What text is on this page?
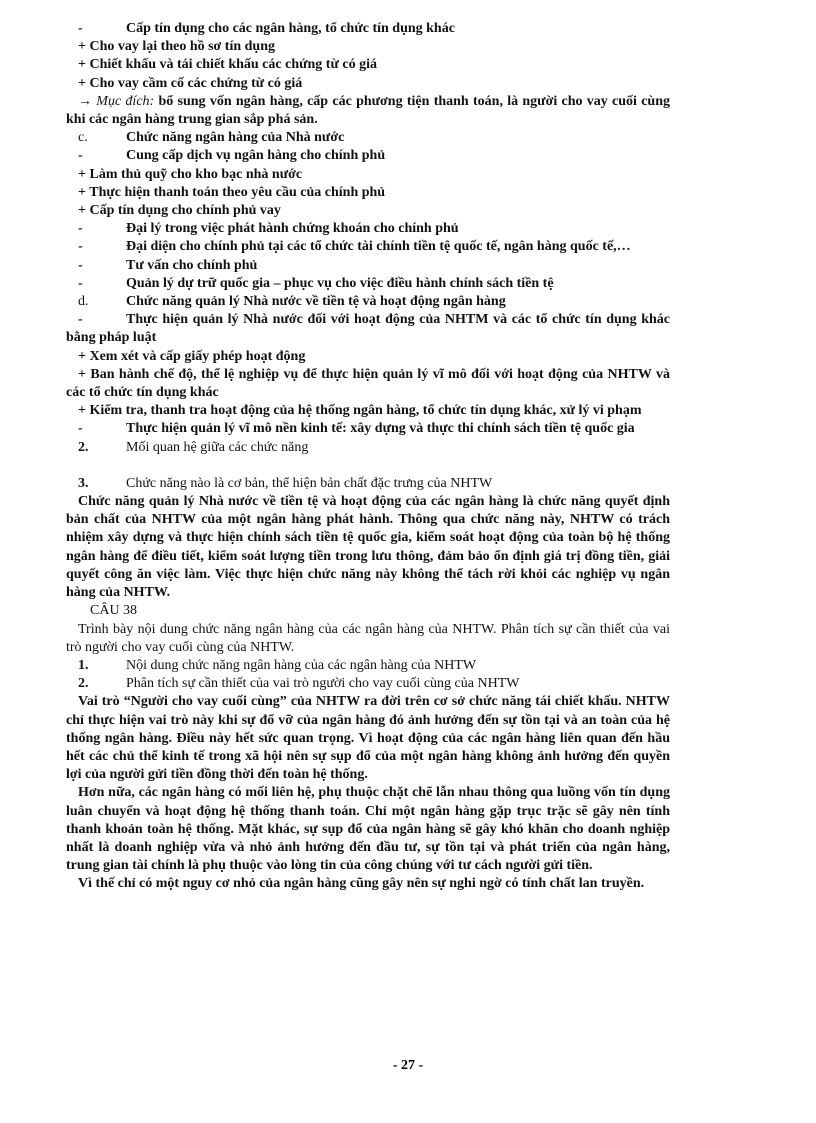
-	Cấp tín dụng cho các ngân hàng, tổ chức tín dụng khác
+ Cho vay lại theo hồ sơ tín dụng
+ Chiết khấu và tái chiết khấu các chứng từ có giá
+ Cho vay cầm cố các chứng từ có giá
→ Mục đích: bổ sung vốn ngân hàng, cấp các phương tiện thanh toán, là người cho vay cuối cùng khi các ngân hàng trung gian sắp phá sản.
c.	Chức năng ngân hàng của Nhà nước
-	Cung cấp dịch vụ ngân hàng cho chính phủ
+ Làm thủ quỹ cho kho bạc nhà nước
+ Thực hiện thanh toán theo yêu cầu của chính phủ
+ Cấp tín dụng cho chính phủ vay
-	Đại lý trong việc phát hành chứng khoán cho chính phủ
-	Đại diện cho chính phủ tại các tổ chức tài chính tiền tệ quốc tế, ngân hàng quốc tế,…
-	Tư vấn cho chính phủ
-	Quản lý dự trữ quốc gia – phục vụ cho việc điều hành chính sách tiền tệ
d.	Chức năng quản lý Nhà nước về tiền tệ và hoạt động ngân hàng
-	Thực hiện quản lý Nhà nước đối với hoạt động của NHTM và các tổ chức tín dụng khác bằng pháp luật
+ Xem xét và cấp giấy phép hoạt động
+ Ban hành chế độ, thể lệ nghiệp vụ để thực hiện quản lý vĩ mô đối với hoạt động của NHTW và các tổ chức tín dụng khác
+ Kiểm tra, thanh tra hoạt động của hệ thống ngân hàng, tổ chức tín dụng khác, xử lý vi phạm
-	Thực hiện quản lý vĩ mô nền kinh tế: xây dựng và thực thi chính sách tiền tệ quốc gia
2.	Mối quan hệ giữa các chức năng
3.	Chức năng nào là cơ bản, thể hiện bản chất đặc trưng của NHTW
Chức năng quản lý Nhà nước về tiền tệ và hoạt động của các ngân hàng là chức năng quyết định bản chất của NHTW của một ngân hàng phát hành. Thông qua chức năng này, NHTW có trách nhiệm xây dựng và thực hiện chính sách tiền tệ quốc gia, kiểm soát hoạt động của toàn bộ hệ thống ngân hàng để điều tiết, kiểm soát lượng tiền trong lưu thông, đảm bảo ổn định giá trị đồng tiền, giải quyết công ăn việc làm. Việc thực hiện chức năng này không thể tách rời khỏi các nghiệp vụ ngân hàng của NHTW.
CÂU 38
Trình bày nội dung chức năng ngân hàng của các ngân hàng của NHTW. Phân tích sự cần thiết của vai trò người cho vay cuối cùng của NHTW.
1.	Nội dung chức năng ngân hàng của các ngân hàng của NHTW
2.	Phân tích sự cần thiết của vai trò người cho vay cuối cùng của NHTW
Vai trò “Người cho vay cuối cùng” của NHTW ra đời trên cơ sở chức năng tái chiết khấu. NHTW chỉ thực hiện vai trò này khi sự đổ vỡ của ngân hàng đó ảnh hưởng đến sự tồn tại và an toàn của hệ thống ngân hàng. Điều này hết sức quan trọng. Vì hoạt động của các ngân hàng liên quan đến hầu hết các chủ thể kinh tế trong xã hội nên sự sụp đổ của một ngân hàng không ảnh hưởng đến quyền lợi của người gửi tiền đồng thời đến toàn hệ thống.
Hơn nữa, các ngân hàng có mối liên hệ, phụ thuộc chặt chẽ lẫn nhau thông qua luồng vốn tín dụng luân chuyển và hoạt động hệ thống thanh toán. Chỉ một ngân hàng gặp trục trặc sẽ gây nên tính thanh khoản toàn hệ thống. Mặt khác, sự sụp đổ của ngân hàng sẽ gây khó khăn cho doanh nghiệp nhất là doanh nghiệp vừa và nhỏ ảnh hưởng đến đầu tư, sự tồn tại và phát triển của ngân hàng, trung gian tài chính là phụ thuộc vào lòng tin của công chúng với tư cách người gửi tiền.
Vì thế chỉ có một nguy cơ nhỏ của ngân hàng cũng gây nên sự nghi ngờ có tính chất lan truyền.
- 27 -
